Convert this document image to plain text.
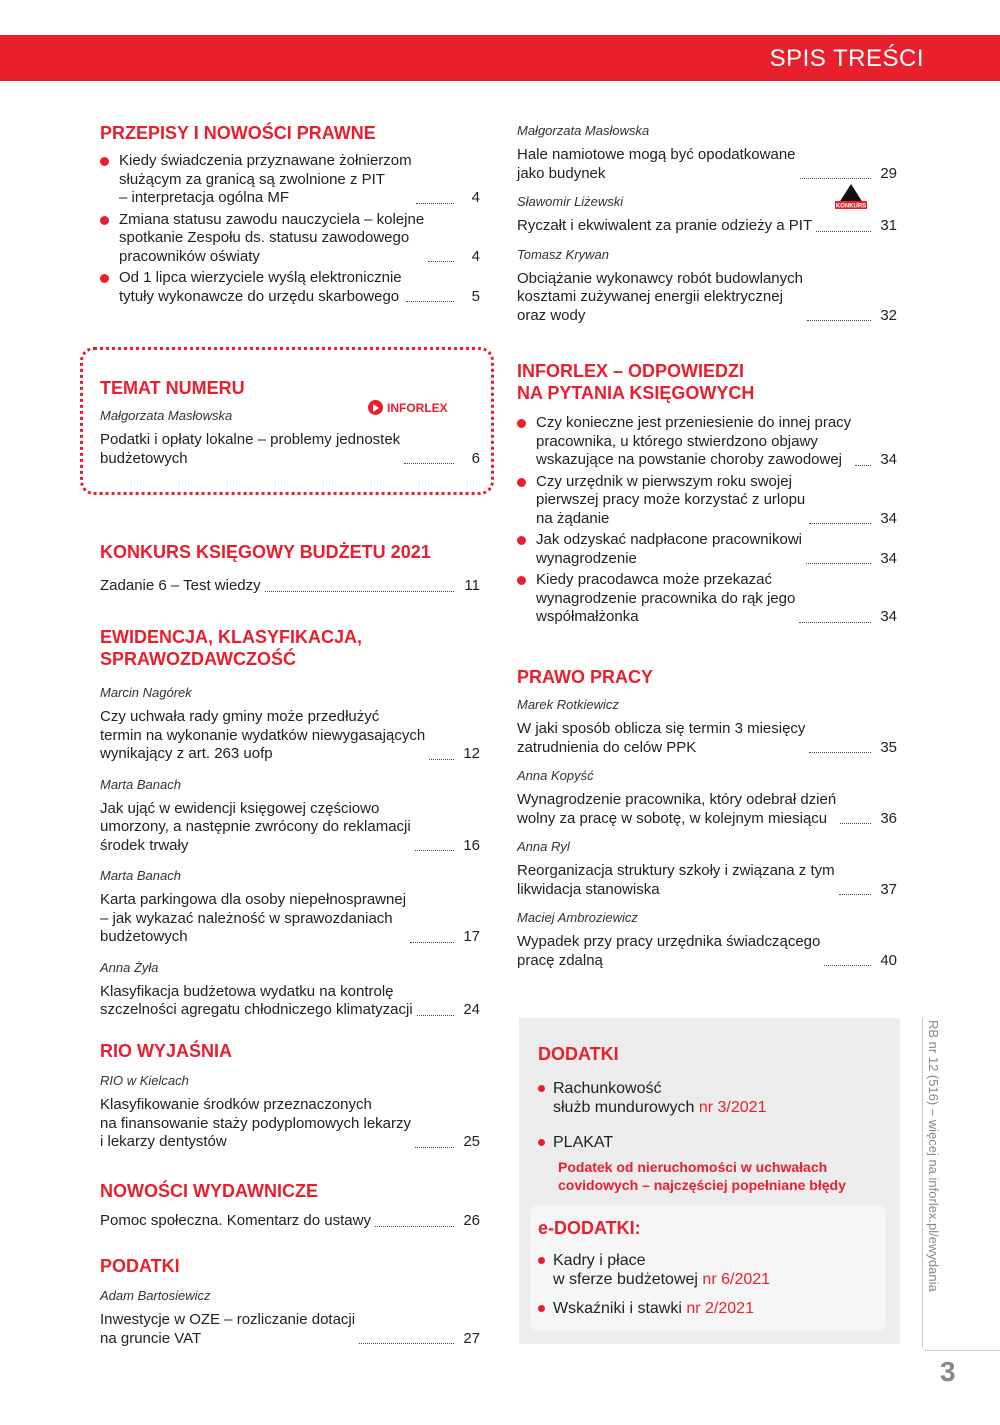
SPIS TREŚCI
PRZEPISY I NOWOŚCI PRAWNE
Kiedy świadczenia przyznawane żołnierzom
służącym za granicą są zwolnione z PIT
– interpretacja ogólna MF	4
Zmiana statusu zawodu nauczyciela – kolejne
spotkanie Zespołu ds. statusu zawodowego
pracowników oświaty	4
Od 1 lipca wierzyciele wyślą elektronicznie
tytuły wykonawcze do urzędu skarbowego	5
TEMAT NUMERU
Małgorzata Masłowska
Podatki i opłaty lokalne – problemy jednostek
budżetowych	6
INFORLEX
KONKURS KSIĘGOWY BUDŻETU 2021
Zadanie 6 – Test wiedzy	11
EWIDENCJA, KLASYFIKACJA,
SPRAWOZDAWCZOŚĆ
Marcin Nagórek
Czy uchwała rady gminy może przedłużyć
termin na wykonanie wydatków niewygasających
wynikający z art. 263 uofp	12
Marta Banach
Jak ująć w ewidencji księgowej częściowo
umorzony, a następnie zwrócony do reklamacji
środek trwały	16
Marta Banach
Karta parkingowa dla osoby niepełnosprawnej
– jak wykazać należność w sprawozdaniach
budżetowych	17
Anna Żyła
Klasyfikacja budżetowa wydatku na kontrolę
szczelności agregatu chłodniczego klimatyzacji	24
RIO WYJAŚNIA
RIO w Kielcach
Klasyfikowanie środków przeznaczonych
na finansowanie staży podyplomowych lekarzy
i lekarzy dentystów	25
NOWOŚCI WYDAWNICZE
Pomoc społeczna. Komentarz do ustawy	26
PODATKI
Adam Bartosiewicz
Inwestycje w OZE – rozliczanie dotacji
na gruncie VAT	27
Małgorzata Masłowska
Hale namiotowe mogą być opodatkowane
jako budynek	29
Sławomir Liżewski
Ryczałt i ekwiwalent za pranie odzieży a PIT	31
Tomasz Krywan
Obciążanie wykonawcy robót budowlanych
kosztami zużywanej energii elektrycznej
oraz wody	32
KONKURS
INFORLEX – ODPOWIEDZI
NA PYTANIA KSIĘGOWYCH
Czy konieczne jest przeniesienie do innej pracy
pracownika, u którego stwierdzono objawy
wskazujące na powstanie choroby zawodowej	34
Czy urzędnik w pierwszym roku swojej
pierwszej pracy może korzystać z urlopu
na żądanie	34
Jak odzyskać nadpłacone pracownikowi
wynagrodzenie	34
Kiedy pracodawca może przekazać
wynagrodzenie pracownika do rąk jego
współmałżonka	34
PRAWO PRACY
Marek Rotkiewicz
W jaki sposób oblicza się termin 3 miesięcy
zatrudnienia do celów PPK	35
Anna Kopyść
Wynagrodzenie pracownika, który odebrał dzień
wolny za pracę w sobotę, w kolejnym miesiącu	36
Anna Ryl
Reorganizacja struktury szkoły i związana z tym
likwidacja stanowiska	37
Maciej Ambroziewicz
Wypadek przy pracy urzędnika świadczącego
pracę zdalną	40
DODATKI
Rachunkowość
służb mundurowych nr 3/2021
PLAKAT
Podatek od nieruchomości w uchwałach
covidowych – najczęściej popełniane błędy
e-DODATKI:
Kadry i płace
w sferze budżetowej nr 6/2021
Wskaźniki i stawki nr 2/2021
RB nr 12 (516) – więcej na inforlex.pl/ewydania
3
